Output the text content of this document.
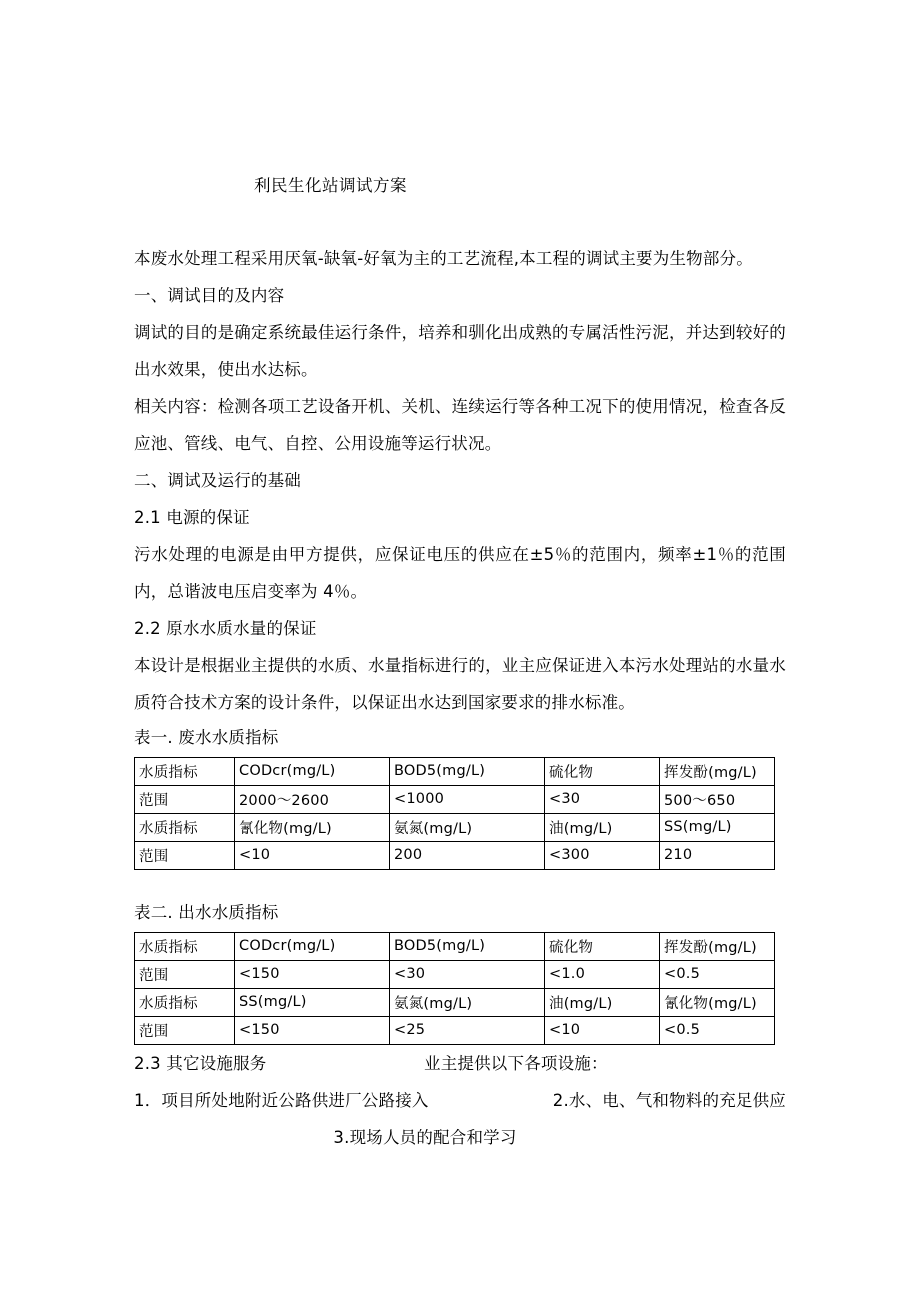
利民生化站调试方案
本废水处理工程采用厌氧-缺氧-好氧为主的工艺流程,本工程的调试主要为生物部分。
一、调试目的及内容
调试的目的是确定系统最佳运行条件，培养和驯化出成熟的专属活性污泥，并达到较好的出水效果，使出水达标。
相关内容：检测各项工艺设备开机、关机、连续运行等各种工况下的使用情况，检查各反应池、管线、电气、自控、公用设施等运行状况。
二、调试及运行的基础
2.1 电源的保证
污水处理的电源是由甲方提供，应保证电压的供应在±5％的范围内，频率±1％的范围内，总谐波电压启变率为 4％。
2.2 原水水质水量的保证
本设计是根据业主提供的水质、水量指标进行的，业主应保证进入本污水处理站的水量水质符合技术方案的设计条件，以保证出水达到国家要求的排水标准。
表一. 废水水质指标
水质指标	CODcr(mg/L)	BOD5(mg/L)	硫化物	挥发酚(mg/L)
范围	2000～2600	<1000	<30	500～650
水质指标	氰化物(mg/L)	氨氮(mg/L)	油(mg/L)	SS(mg/L)
范围	<10	200	<300	210
表二. 出水水质指标
水质指标	CODcr(mg/L)	BOD5(mg/L)	硫化物	挥发酚(mg/L)
范围	<150	<30	<1.0	<0.5
水质指标	SS(mg/L)	氨氮(mg/L)	油(mg/L)	氰化物(mg/L)
范围	<150	<25	<10	<0.5
2.3 其它设施服务	业主提供以下各项设施：
1．项目所处地附近公路供进厂公路接入	2.水、电、气和物料的充足供应
3.现场人员的配合和学习
